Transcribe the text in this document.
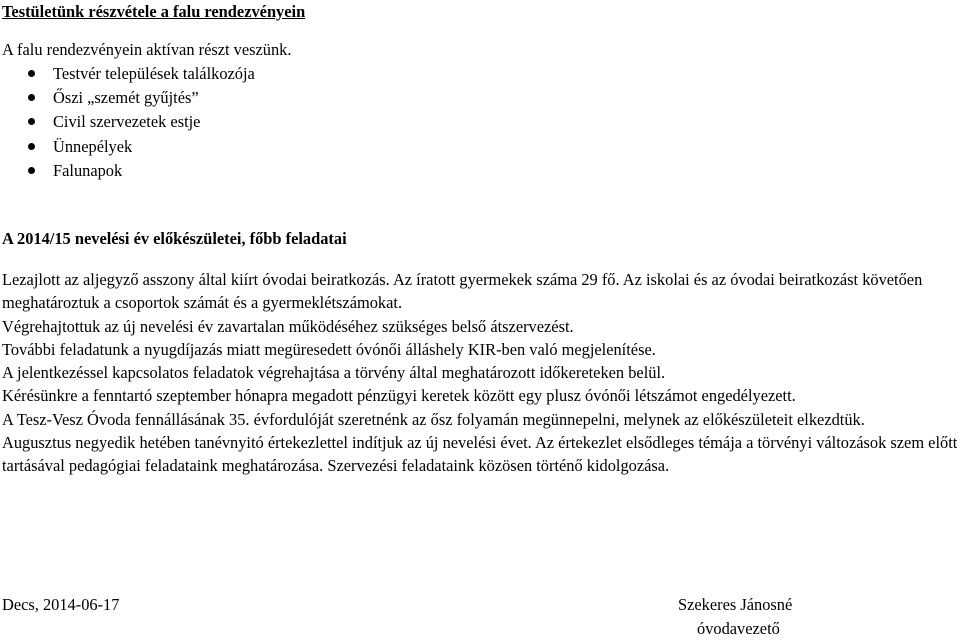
Testületünk részvétele a falu rendezvényein
A falu rendezvényein aktívan részt veszünk.
Testvér települések találkozója
Őszi „szemét gyűjtés”
Civil szervezetek estje
Ünnepélyek
Falunapok
A 2014/15 nevelési év előkészületei, főbb feladatai

Lezajlott az aljegyző asszony által kiírt óvodai beiratkozás. Az íratott gyermekek száma 29 fő. Az iskolai és az óvodai beiratkozást követően meghatároztuk a csoportok számát és a gyermeklétszámokat.

Végrehajtottuk az új nevelési év zavartalan működéséhez szükséges belső átszervezést.

További feladatunk a nyugdíjazás miatt megüresedett óvónői álláshely KIR-ben való megjelenítése.

A jelentkezéssel kapcsolatos feladatok végrehajtása a törvény által meghatározott időkereteken belül.

Kérésünkre a fenntartó szeptember hónapra megadott pénzügyi keretek között egy plusz óvónői létszámot engedélyezett.

A Tesz-Vesz Óvoda fennállásának 35. évfordulóját szeretnénk az ősz folyamán megünnepelni, melynek az előkészületeit elkezdtük.

Augusztus negyedik hetében tanévnyitó értekezlettel indítjuk az új nevelési évet. Az értekezlet elsődleges témája a törvényi változások szem előtt tartásával pedagógiai feladataink meghatározása. Szervezési feladataink közösen történő kidolgozása.

Decs, 2014-06-17	Szekeres Jánosné
óvodavezető
